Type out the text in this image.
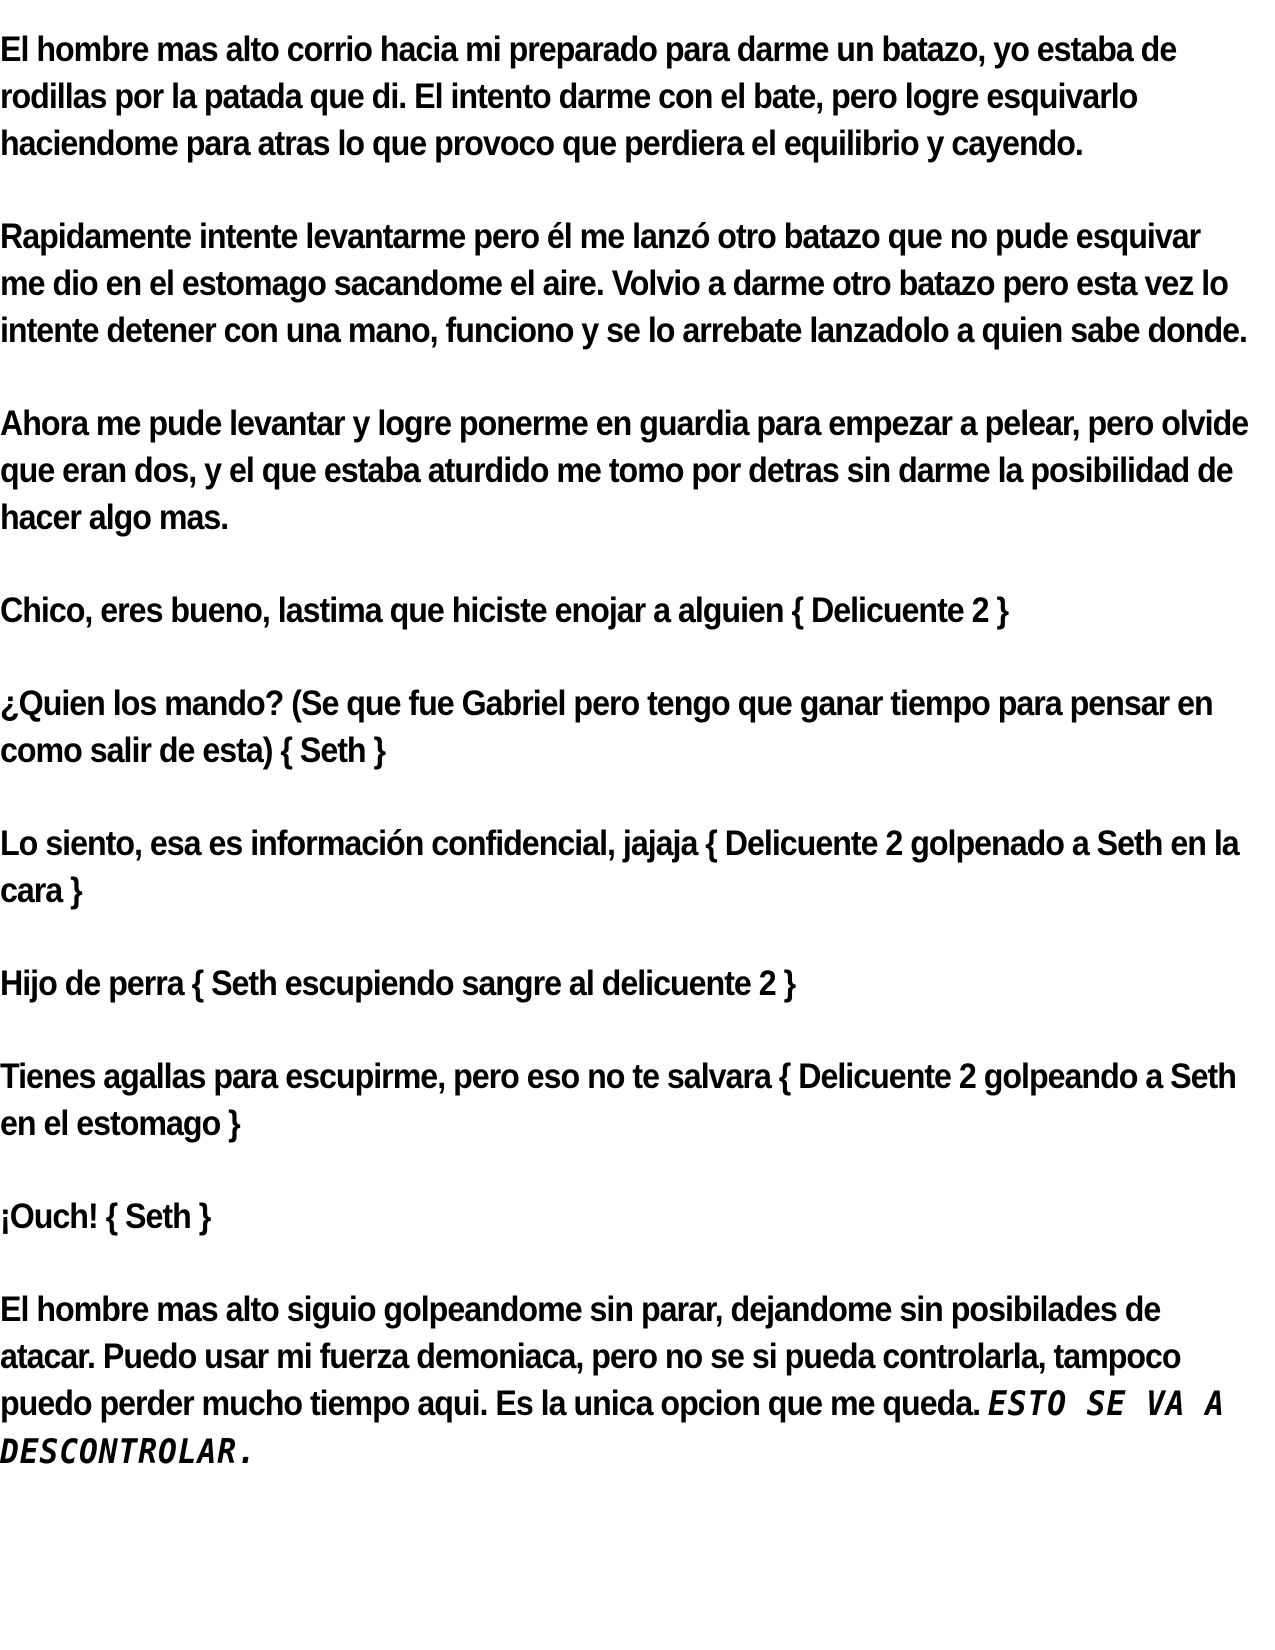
El hombre mas alto corrio hacia mi preparado para darme un batazo, yo estaba de rodillas por la patada que di. El intento darme con el bate, pero logre esquivarlo haciendome para atras lo que provoco que perdiera el equilibrio y cayendo.

Rapidamente intente levantarme pero él me lanzó otro batazo que no pude esquivar me dio en el estomago sacandome el aire. Volvio a darme otro batazo pero esta vez lo intente detener con una mano, funciono y se lo arrebate lanzadolo a quien sabe donde.

Ahora me pude levantar y logre ponerme en guardia para empezar a pelear, pero olvide que eran dos, y el que estaba aturdido me tomo por detras sin darme la posibilidad de hacer algo mas.

Chico, eres bueno, lastima que hiciste enojar a alguien { Delicuente 2 }

¿Quien los mando? (Se que fue Gabriel pero tengo que ganar tiempo para pensar en como salir de esta) { Seth }

Lo siento, esa es información confidencial, jajaja { Delicuente 2 golpenado a Seth en la cara }

Hijo de perra { Seth escupiendo sangre al delicuente 2 }

Tienes agallas para escupirme, pero eso no te salvara { Delicuente 2 golpeando a Seth en el estomago }

¡Ouch! { Seth }

El hombre mas alto siguio golpeandome sin parar, dejandome sin posibilades de atacar. Puedo usar mi fuerza demoniaca, pero no se si pueda controlarla, tampoco puedo perder mucho tiempo aqui. Es la unica opcion que me queda. ESTO SE VA A DESCONTROLAR.
